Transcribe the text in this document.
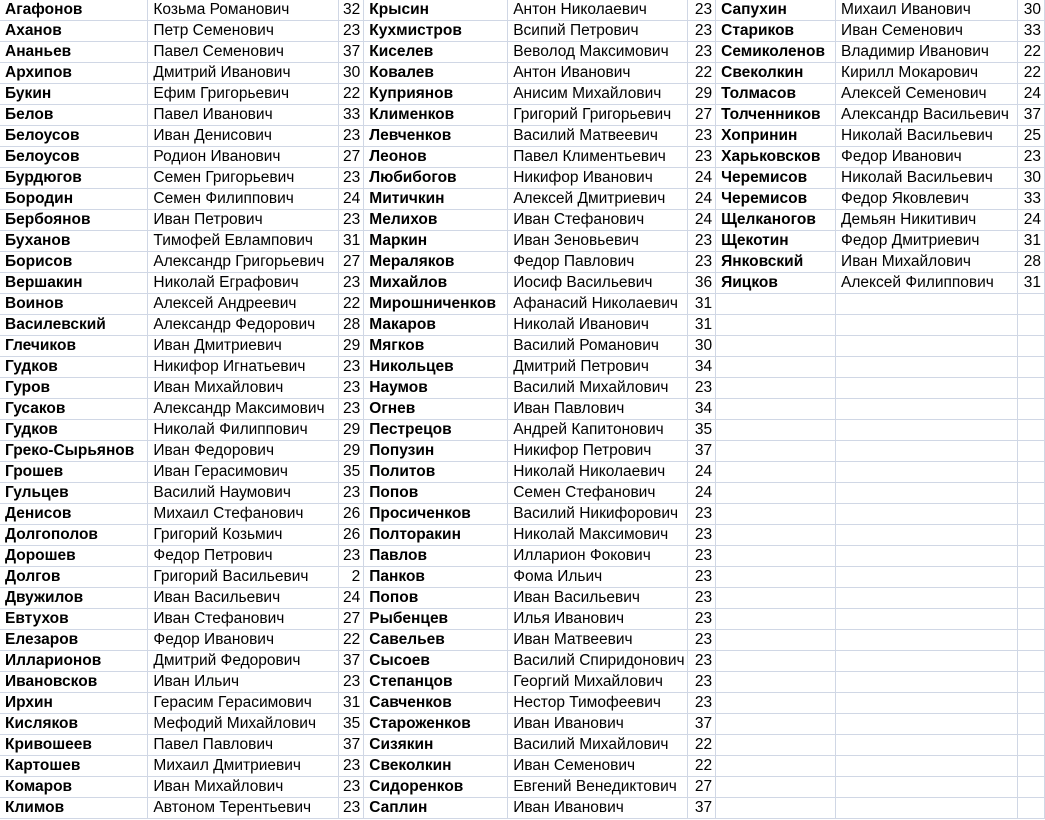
Агафонов	Козьма Романович	32	Крысин	Антон Николаевич	23	Сапухин	Михаил Иванович	30
Аханов	Петр Семенович	23	Кухмистров	Всипий Петрович	23	Стариков	Иван Семенович	33
Ананьев	Павел Семенович	37	Киселев	Веволод Максимович	23	Семиколенов	Владимир Иванович	22
Архипов	Дмитрий Иванович	30	Ковалев	Антон Иванович	22	Свеколкин	Кирилл Мокарович	22
Букин	Ефим Григорьевич	22	Куприянов	Анисим Михайлович	29	Толмасов	Алексей Семенович	24
Белов	Павел Иванович	33	Клименков	Григорий Григорьевич	27	Толченников	Александр Васильевич	37
Белоусов	Иван Денисович	23	Левченков	Василий Матвеевич	23	Хопринин	Николай Васильевич	25
Белоусов	Родион Иванович	27	Леонов	Павел Климентьевич	23	Харьковсков	Федор Иванович	23
Бурдюгов	Семен Григорьевич	23	Любибогов	Никифор Иванович	24	Черемисов	Николай Васильевич	30
Бородин	Семен Филиппович	24	Митичкин	Алексей Дмитриевич	24	Черемисов	Федор Яковлевич	33
Бербоянов	Иван Петрович	23	Мелихов	Иван Стефанович	24	Щелканогов	Демьян Никитивич	24
Буханов	Тимофей Евлампович	31	Маркин	Иван Зеновьевич	23	Щекотин	Федор Дмитриевич	31
Борисов	Александр Григорьевич	27	Мераляков	Федор Павлович	23	Янковский	Иван Михайлович	28
Вершакин	Николай Еграфович	23	Михайлов	Иосиф Васильевич	36	Яицков	Алексей Филиппович	31
Воинов	Алексей Андреевич	22	Мирошниченков	Афанасий Николаевич	31			
Василевский	Александр Федорович	28	Макаров	Николай Иванович	31			
Глечиков	Иван Дмитриевич	29	Мягков	Василий Романович	30			
Гудков	Никифор Игнатьевич	23	Никольцев	Дмитрий Петрович	34			
Гуров	Иван Михайлович	23	Наумов	Василий Михайлович	23			
Гусаков	Александр Максимович	23	Огнев	Иван Павлович	34			
Гудков	Николай Филиппович	29	Пестрецов	Андрей Капитонович	35			
Греко-Сырьянов	Иван Федорович	29	Попузин	Никифор Петрович	37			
Грошев	Иван Герасимович	35	Политов	Николай Николаевич	24			
Гульцев	Василий Наумович	23	Попов	Семен Стефанович	24			
Денисов	Михаил Стефанович	26	Просиченков	Василий Никифорович	23			
Долгополов	Григорий Козьмич	26	Полторакин	Николай Максимович	23			
Дорошев	Федор Петрович	23	Павлов	Илларион Фокович	23			
Долгов	Григорий Васильевич	2	Панков	Фома Ильич	23			
Двужилов	Иван Васильевич	24	Попов	Иван Васильевич	23			
Евтухов	Иван Стефанович	27	Рыбенцев	Илья Иванович	23			
Елезаров	Федор Иванович	22	Савельев	Иван Матвеевич	23			
Илларионов	Дмитрий Федорович	37	Сысоев	Василий Спиридонович	23			
Ивановсков	Иван Ильич	23	Степанцов	Георгий Михайлович	23			
Ирхин	Герасим Герасимович	31	Савченков	Нестор Тимофеевич	23			
Кисляков	Мефодий Михайлович	35	Староженков	Иван Иванович	37			
Кривошеев	Павел Павлович	37	Сизякин	Василий Михайлович	22			
Картошев	Михаил Дмитриевич	23	Свеколкин	Иван Семенович	22			
Комаров	Иван Михайлович	23	Сидоренков	Евгений Венедиктович	27			
Климов	Автоном Терентьевич	23	Саплин	Иван Иванович	37			
